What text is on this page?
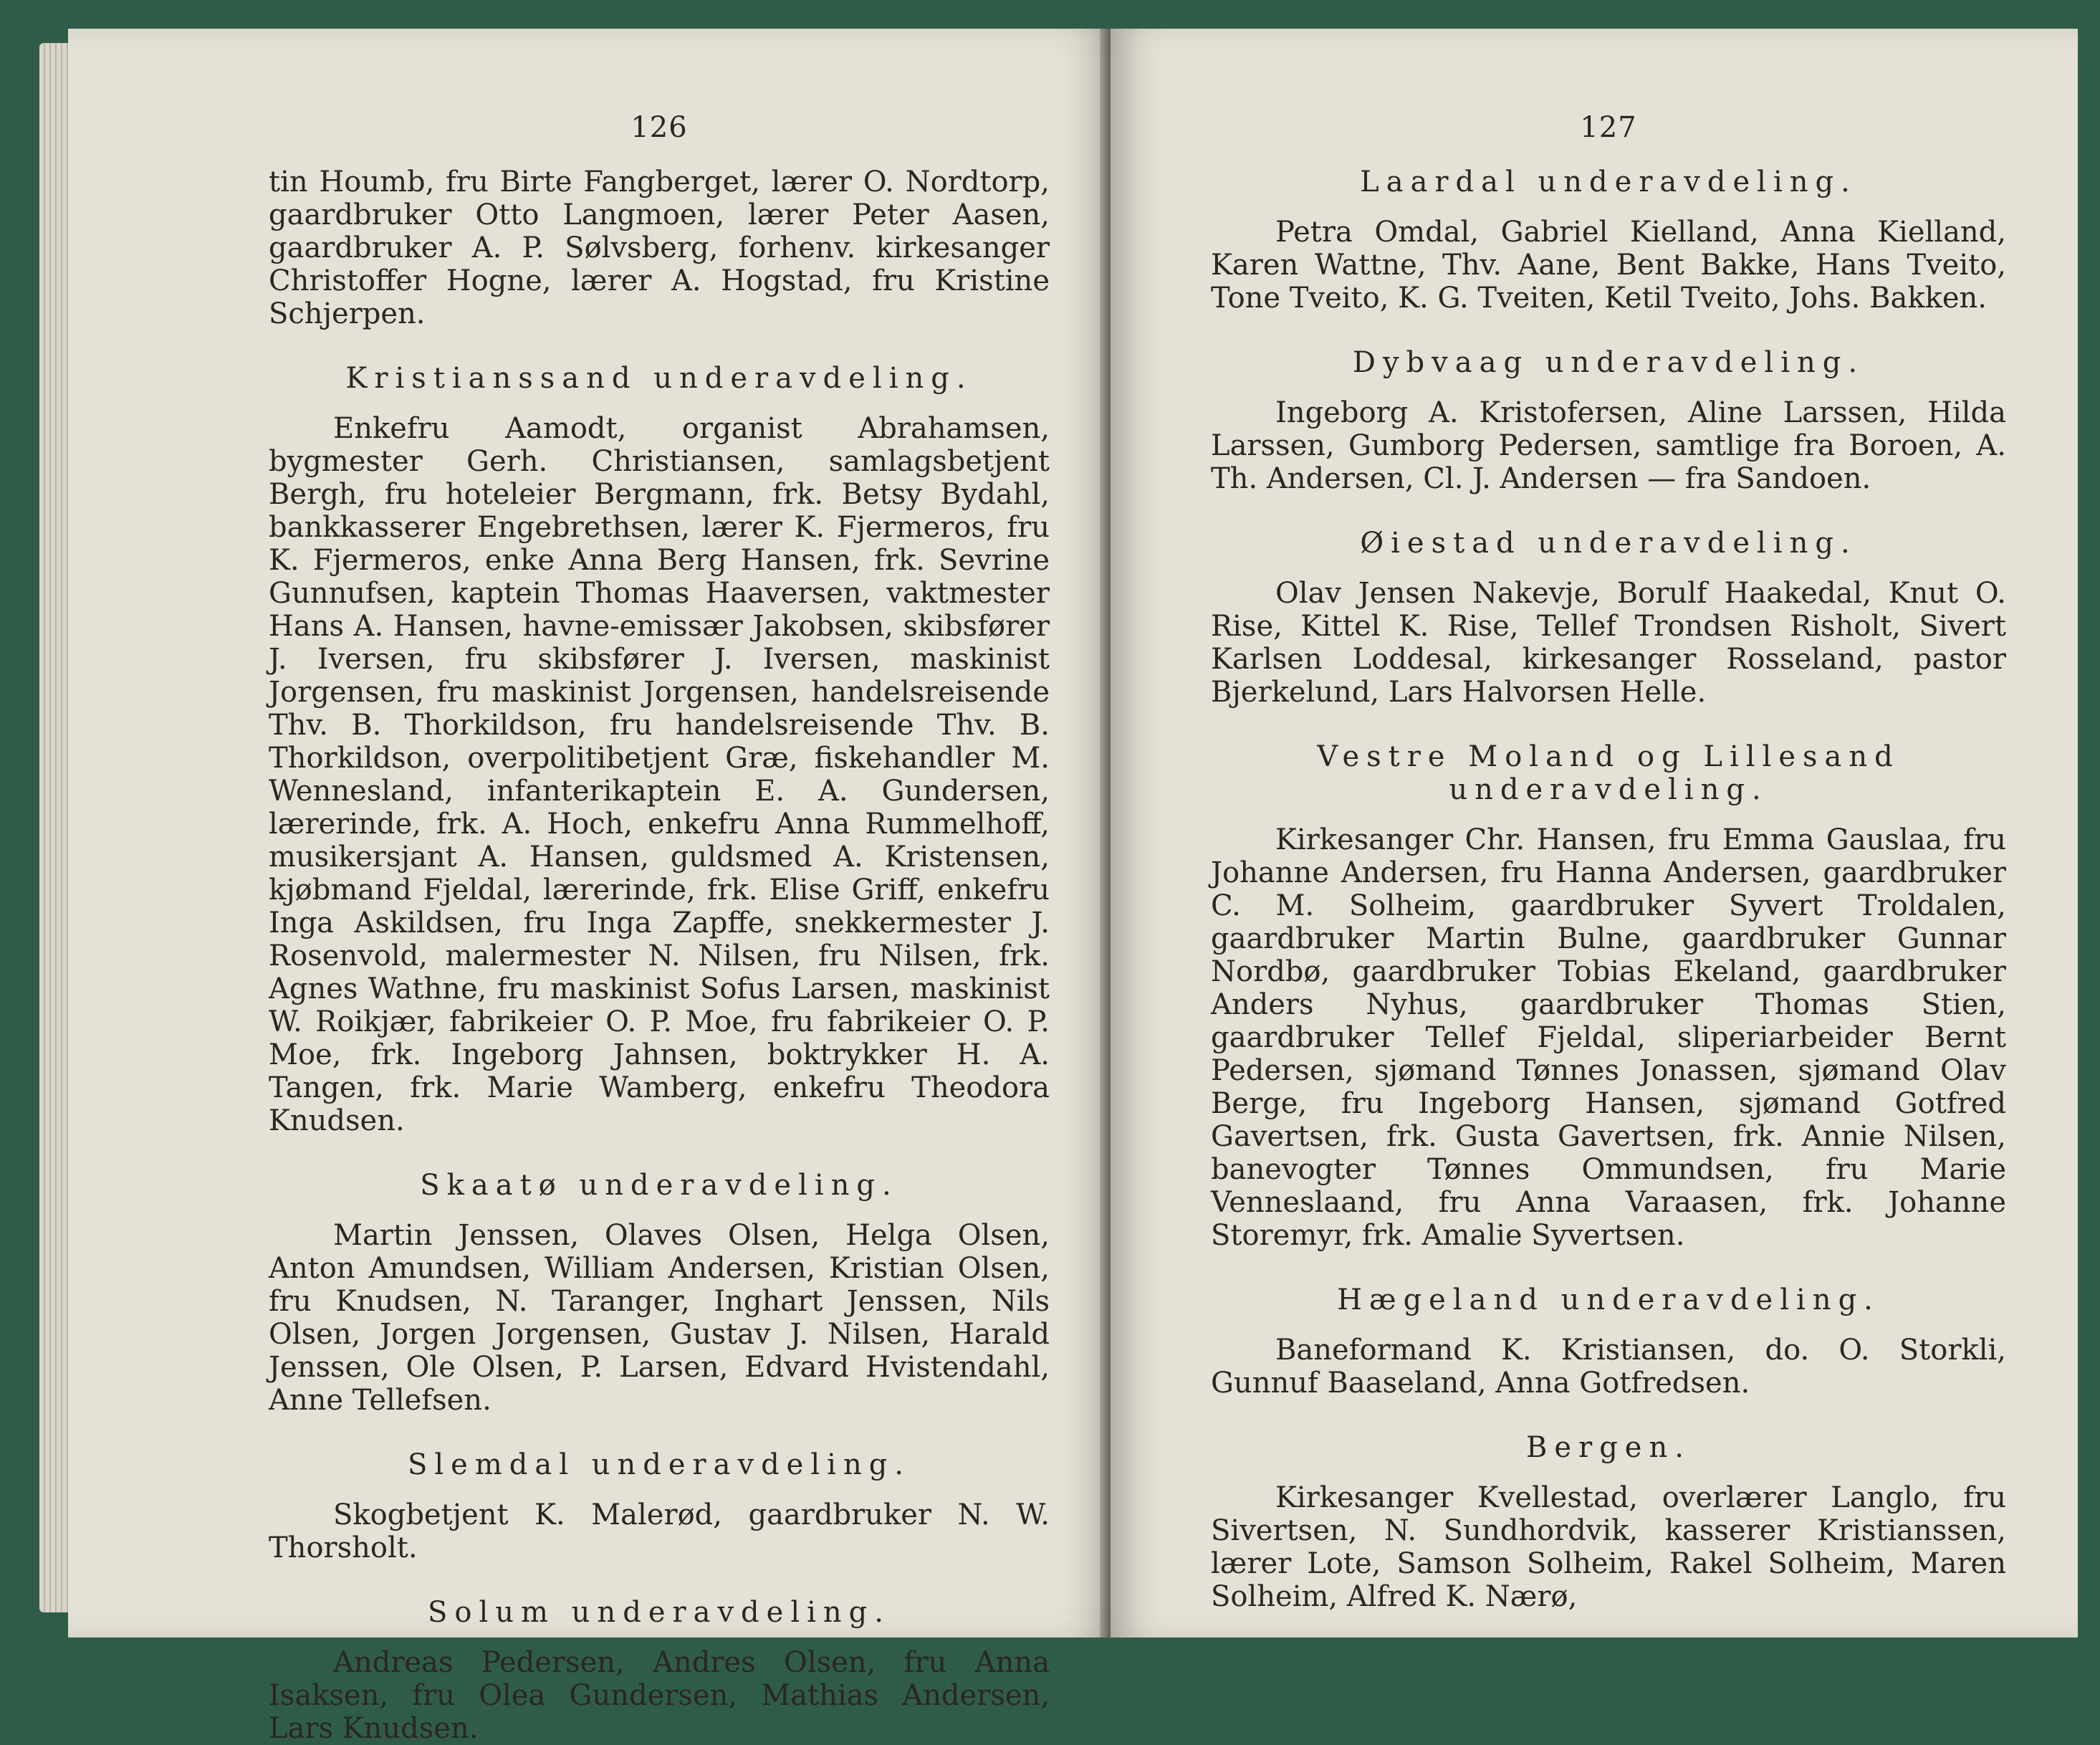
126

tin Houmb, fru Birte Fangberget, lærer O. Nordtorp, gaardbruker Otto Langmoen, lærer Peter Aasen, gaardbruker A. P. Sølvsberg, forhenv. kirkesanger Christoffer Hogne, lærer A. Hogstad, fru Kristine Schjerpen.

Kristianssand underavdeling.

Enkefru Aamodt, organist Abrahamsen, bygmester Gerh. Christiansen, samlagsbetjent Bergh, fru hoteleier Bergmann, frk. Betsy Bydahl, bankkasserer Engebrethsen, lærer K. Fjermeros, fru K. Fjermeros, enke Anna Berg Hansen, frk. Sevrine Gunnufsen, kaptein Thomas Haaversen, vaktmester Hans A. Hansen, havne-emissær Jakobsen, skibsfører J. Iversen, fru skibsfører J. Iversen, maskinist Jorgensen, fru maskinist Jorgensen, handelsreisende Thv. B. Thorkildson, fru handelsreisende Thv. B. Thorkildson, overpolitibetjent Græ, fiskehandler M. Wennesland, infanterikaptein E. A. Gundersen, lærerinde, frk. A. Hoch, enkefru Anna Rummelhoff, musikersjant A. Hansen, guldsmed A. Kristensen, kjøbmand Fjeldal, lærerinde, frk. Elise Griff, enkefru Inga Askildsen, fru Inga Zapffe, snekkermester J. Rosenvold, malermester N. Nilsen, fru Nilsen, frk. Agnes Wathne, fru maskinist Sofus Larsen, maskinist W. Roikjær, fabrikeier O. P. Moe, fru fabrikeier O. P. Moe, frk. Ingeborg Jahnsen, boktrykker H. A. Tangen, frk. Marie Wamberg, enkefru Theodora Knudsen.

Skaatø underavdeling.

Martin Jenssen, Olaves Olsen, Helga Olsen, Anton Amundsen, William Andersen, Kristian Olsen, fru Knudsen, N. Taranger, Inghart Jenssen, Nils Olsen, Jorgen Jorgensen, Gustav J. Nilsen, Harald Jenssen, Ole Olsen, P. Larsen, Edvard Hvistendahl, Anne Tellefsen.

Slemdal underavdeling.

Skogbetjent K. Malerød, gaardbruker N. W. Thorsholt.

Solum underavdeling.

Andreas Pedersen, Andres Olsen, fru Anna Isaksen, fru Olea Gundersen, Mathias Andersen, Lars Knudsen.

127
Laardal underavdeling.

Petra Omdal, Gabriel Kielland, Anna Kielland, Karen Wattne, Thv. Aane, Bent Bakke, Hans Tveito, Tone Tveito, K. G. Tveiten, Ketil Tveito, Johs. Bakken.

Dybvaag underavdeling.

Ingeborg A. Kristofersen, Aline Larssen, Hilda Larssen, Gumborg Pedersen, samtlige fra Boroen, A. Th. Andersen, Cl. J. Andersen — fra Sandoen.

Øiestad underavdeling.

Olav Jensen Nakevje, Borulf Haakedal, Knut O. Rise, Kittel K. Rise, Tellef Trondsen Risholt, Sivert Karlsen Loddesal, kirkesanger Rosseland, pastor Bjerkelund, Lars Halvorsen Helle.

Vestre Moland og Lillesand underavdeling.

Kirkesanger Chr. Hansen, fru Emma Gauslaa, fru Johanne Andersen, fru Hanna Andersen, gaardbruker C. M. Solheim, gaardbruker Syvert Troldalen, gaardbruker Martin Bulne, gaardbruker Gunnar Nordbø, gaardbruker Tobias Ekeland, gaardbruker Anders Nyhus, gaardbruker Thomas Stien, gaardbruker Tellef Fjeldal, sliperiarbeider Bernt Pedersen, sjømand Tønnes Jonassen, sjømand Olav Berge, fru Ingeborg Hansen, sjømand Gotfred Gavertsen, frk. Gusta Gavertsen, frk. Annie Nilsen, banevogter Tønnes Ommundsen, fru Marie Venneslaand, fru Anna Varaasen, frk. Johanne Storemyr, frk. Amalie Syvertsen.

Hægeland underavdeling.

Baneformand K. Kristiansen, do. O. Storkli, Gunnuf Baaseland, Anna Gotfredsen.

Bergen.

Kirkesanger Kvellestad, overlærer Langlo, fru Sivertsen, N. Sundhordvik, kasserer Kristianssen, lærer Lote, Samson Solheim, Rakel Solheim, Maren Solheim, Alfred K. Nærø,
